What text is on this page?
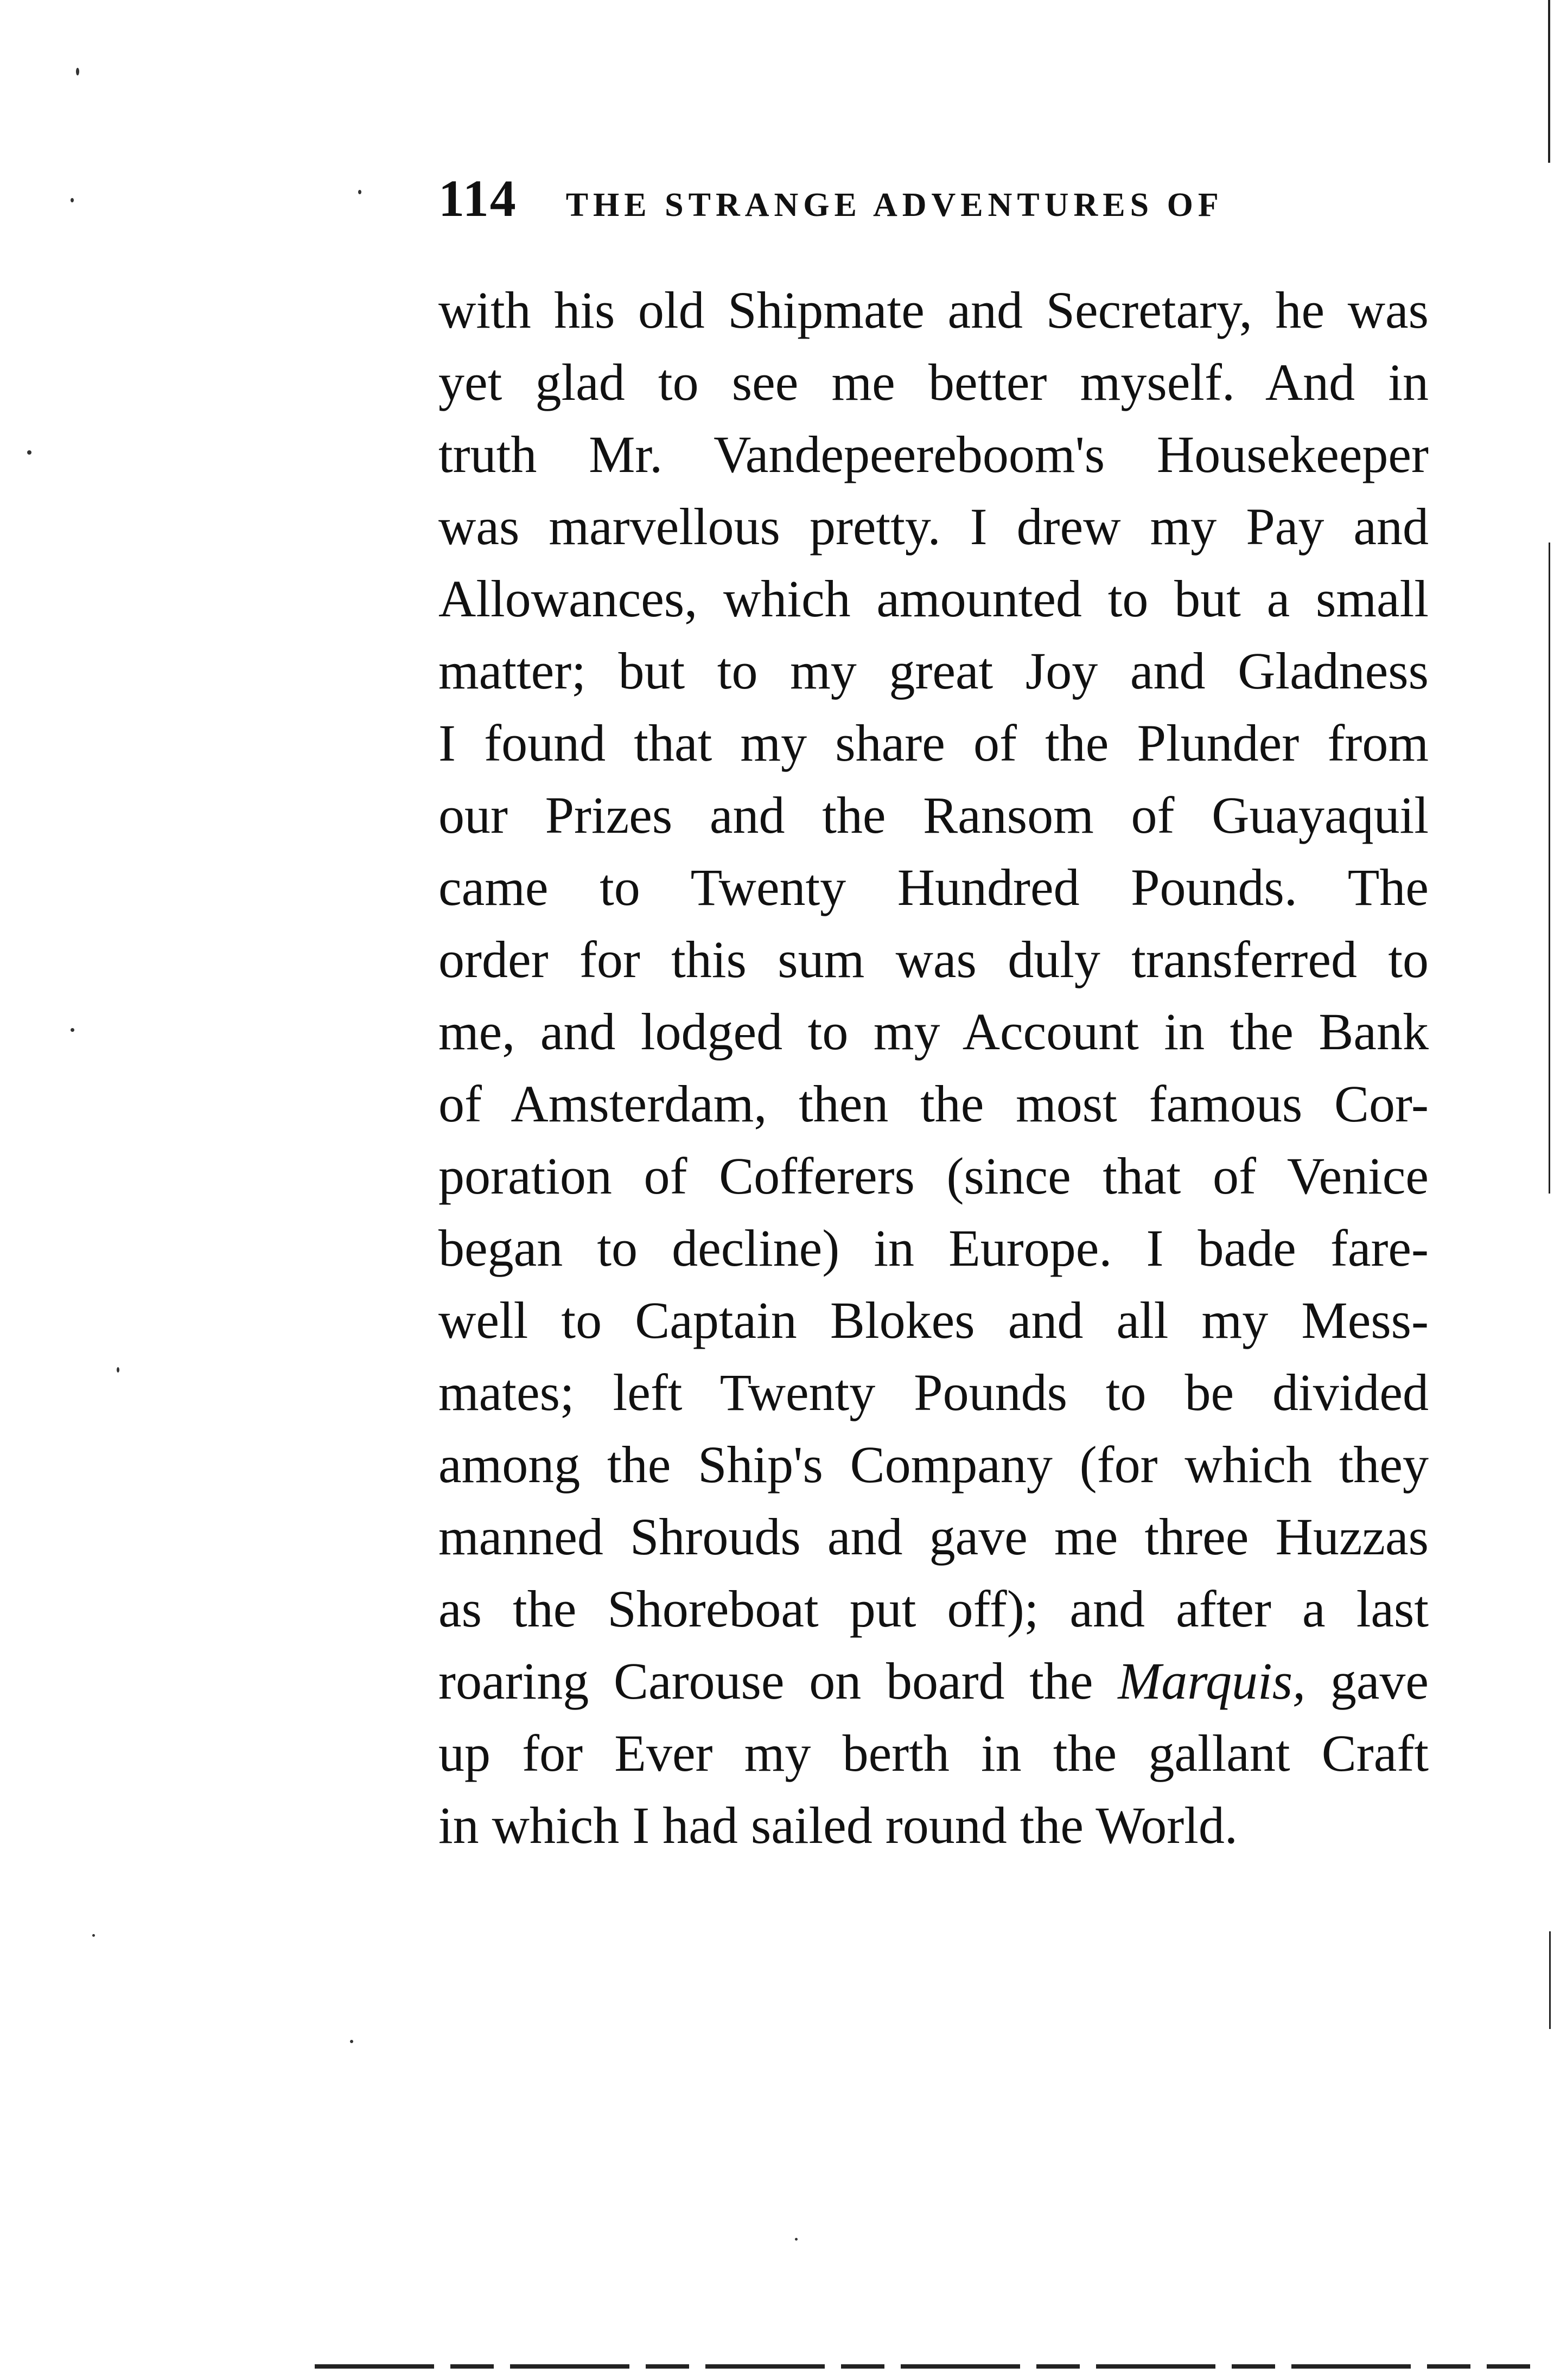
114 THE STRANGE ADVENTURES OF
with his old Shipmate and Secretary, he was
yet glad to see me better myself. And in
truth Mr. Vandepeereboom's Housekeeper
was marvellous pretty. I drew my Pay and
Allowances, which amounted to but a small
matter; but to my great Joy and Gladness
I found that my share of the Plunder from
our Prizes and the Ransom of Guayaquil
came to Twenty Hundred Pounds. The
order for this sum was duly transferred to
me, and lodged to my Account in the Bank
of Amsterdam, then the most famous Cor-
poration of Cofferers (since that of Venice
began to decline) in Europe. I bade fare-
well to Captain Blokes and all my Mess-
mates; left Twenty Pounds to be divided
among the Ship's Company (for which they
manned Shrouds and gave me three Huzzas
as the Shoreboat put off); and after a last
roaring Carouse on board the Marquis, gave
up for Ever my berth in the gallant Craft
in which I had sailed round the World.
